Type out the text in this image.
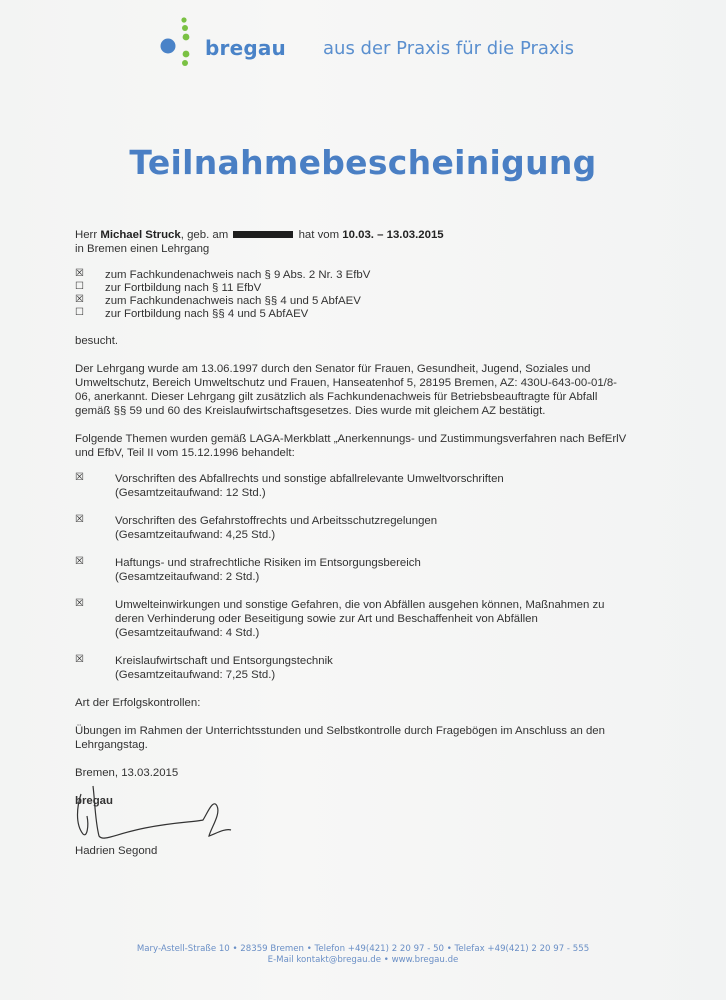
bregau aus der Praxis für die Praxis
Teilnahmebescheinigung

Herr Michael Struck, geb. am	hat vom 10.03. – 13.03.2015

in Bremen einen Lehrgang

☒	zum Fachkundenachweis nach § 9 Abs. 2 Nr. 3 EfbV
☐	zur Fortbildung nach § 11 EfbV
☒	zum Fachkundenachweis nach §§ 4 und 5 AbfAEV
☐	zur Fortbildung nach §§ 4 und 5 AbfAEV

besucht.

Der Lehrgang wurde am 13.06.1997 durch den Senator für Frauen, Gesundheit, Jugend, Soziales und Umweltschutz, Bereich Umweltschutz und Frauen, Hanseatenhof 5, 28195 Bremen, AZ: 430U-643-00-01/8-06, anerkannt. Dieser Lehrgang gilt zusätzlich als Fachkundenachweis für Betriebsbeauftragte für Abfall gemäß §§ 59 und 60 des Kreislaufwirtschaftsgesetzes. Dies wurde mit gleichem AZ bestätigt.

Folgende Themen wurden gemäß LAGA-Merkblatt „Anerkennungs- und Zustimmungsverfahren nach BefErlV und EfbV, Teil II vom 15.12.1996 behandelt:

☒	Vorschriften des Abfallrechts und sonstige abfallrelevante Umweltvorschriften
(Gesamtzeitaufwand: 12 Std.)
☒	Vorschriften des Gefahrstoffrechts und Arbeitsschutzregelungen
(Gesamtzeitaufwand: 4,25 Std.)
☒	Haftungs- und strafrechtliche Risiken im Entsorgungsbereich
(Gesamtzeitaufwand: 2 Std.)
☒	Umwelteinwirkungen und sonstige Gefahren, die von Abfällen ausgehen können, Maßnahmen zu deren Verhinderung oder Beseitigung sowie zur Art und Beschaffenheit von Abfällen
(Gesamtzeitaufwand: 4 Std.)
☒	Kreislaufwirtschaft und Entsorgungstechnik
(Gesamtzeitaufwand: 7,25 Std.)

Art der Erfolgskontrollen:

Übungen im Rahmen der Unterrichtsstunden und Selbstkontrolle durch Fragebögen im Anschluss an den Lehrgangstag.

Bremen, 13.03.2015

bregau

Hadrien Segond
Mary-Astell-Straße 10 • 28359 Bremen • Telefon +49(421) 2 20 97 - 50 • Telefax +49(421) 2 20 97 - 555
E-Mail kontakt@bregau.de • www.bregau.de
